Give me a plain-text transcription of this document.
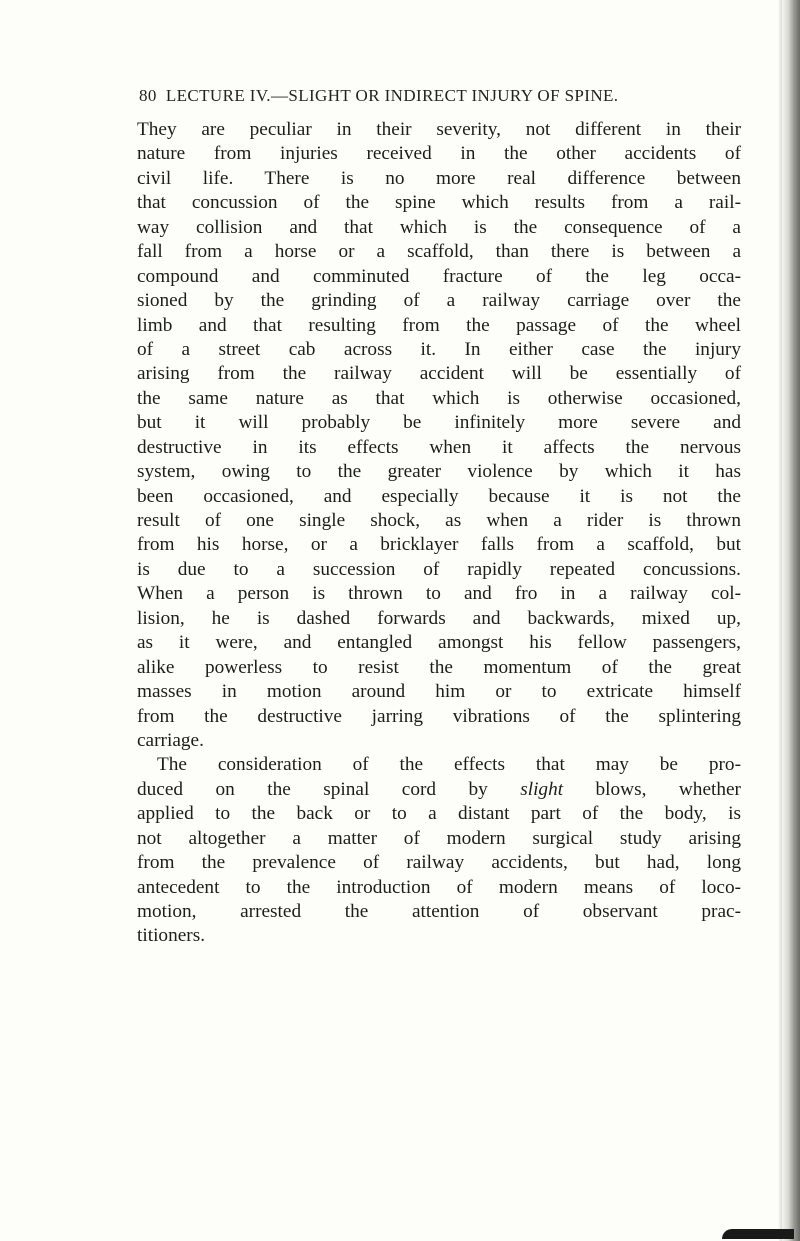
80 LECTURE IV.—SLIGHT OR INDIRECT INJURY OF SPINE.
They are peculiar in their severity, not different in their
nature from injuries received in the other accidents of
civil life. There is no more real difference between
that concussion of the spine which results from a rail-
way collision and that which is the consequence of a
fall from a horse or a scaffold, than there is between a
compound and comminuted fracture of the leg occa-
sioned by the grinding of a railway carriage over the
limb and that resulting from the passage of the wheel
of a street cab across it. In either case the injury
arising from the railway accident will be essentially of
the same nature as that which is otherwise occasioned,
but it will probably be infinitely more severe and
destructive in its effects when it affects the nervous
system, owing to the greater violence by which it has
been occasioned, and especially because it is not the
result of one single shock, as when a rider is thrown
from his horse, or a bricklayer falls from a scaffold, but
is due to a succession of rapidly repeated concussions.
When a person is thrown to and fro in a railway col-
lision, he is dashed forwards and backwards, mixed up,
as it were, and entangled amongst his fellow passengers,
alike powerless to resist the momentum of the great
masses in motion around him or to extricate himself
from the destructive jarring vibrations of the splintering
carriage.
The consideration of the effects that may be pro-
duced on the spinal cord by slight blows, whether
applied to the back or to a distant part of the body, is
not altogether a matter of modern surgical study arising
from the prevalence of railway accidents, but had, long
antecedent to the introduction of modern means of loco-
motion, arrested the attention of observant prac-
titioners.
